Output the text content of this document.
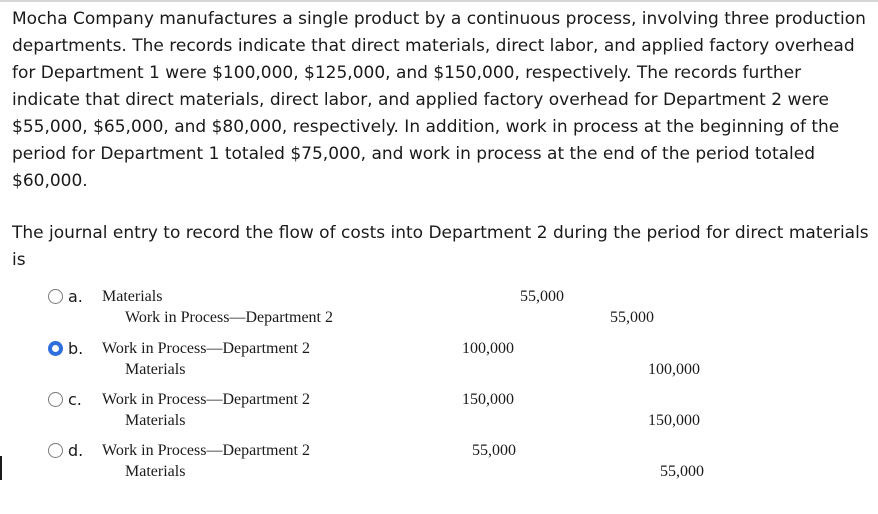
Mocha Company manufactures a single product by a continuous process, involving three production departments. The records indicate that direct materials, direct labor, and applied factory overhead for Department 1 were $100,000, $125,000, and $150,000, respectively. The records further indicate that direct materials, direct labor, and applied factory overhead for Department 2 were $55,000, $65,000, and $80,000, respectively. In addition, work in process at the beginning of the period for Department 1 totaled $75,000, and work in process at the end of the period totaled $60,000.

The journal entry to record the flow of costs into Department 2 during the period for direct materials is

a. Materials	55,000
Work in Process—Department 2	55,000
b. Work in Process—Department 2	100,000
Materials	100,000
c. Work in Process—Department 2	150,000
Materials	150,000
d. Work in Process—Department 2	55,000
Materials	55,000
